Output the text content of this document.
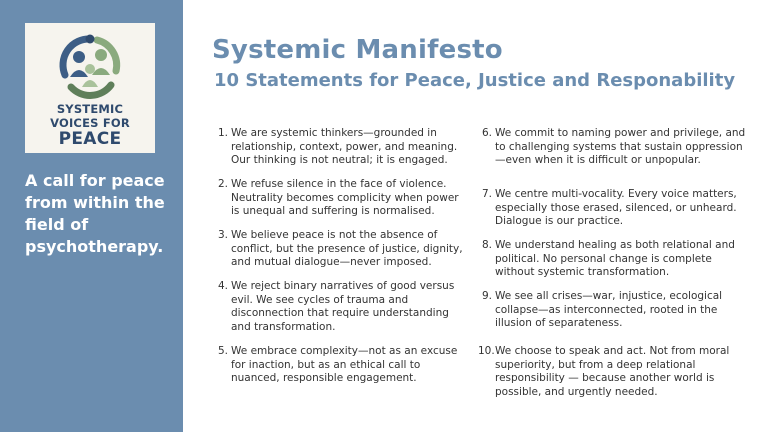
SYSTEMIC
VOICES FOR
PEACE

A call for peace
from within the
field of
psychotherapy.

Systemic Manifesto
10 Statements for Peace, Justice and Responability
1. We are systemic thinkers—grounded in relationship, context, power, and meaning. Our thinking is not neutral; it is engaged.
2. We refuse silence in the face of violence. Neutrality becomes complicity when power is unequal and suffering is normalised.
3. We believe peace is not the absence of conflict, but the presence of justice, dignity, and mutual dialogue—never imposed.
4. We reject binary narratives of good versus evil. We see cycles of trauma and disconnection that require understanding and transformation.
5. We embrace complexity—not as an excuse for inaction, but as an ethical call to nuanced, responsible engagement.
6. We commit to naming power and privilege, and to challenging systems that sustain oppression—even when it is difficult or unpopular.
7. We centre multi-vocality. Every voice matters, especially those erased, silenced, or unheard. Dialogue is our practice.
8. We understand healing as both relational and political. No personal change is complete without systemic transformation.
9. We see all crises—war, injustice, ecological collapse—as interconnected, rooted in the illusion of separateness.
10. We choose to speak and act. Not from moral superiority, but from a deep relational responsibility — because another world is possible, and urgently needed.
